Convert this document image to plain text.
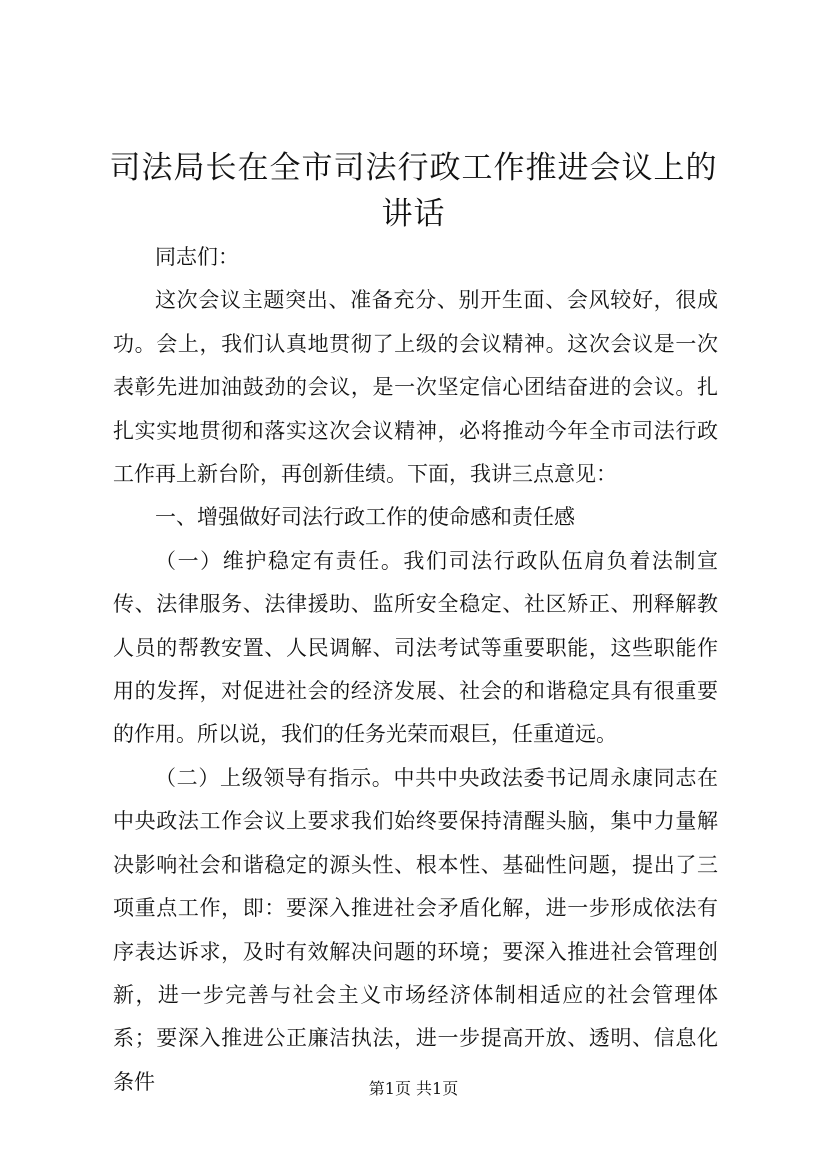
司法局长在全市司法行政工作推进会议上的讲话

同志们：

这次会议主题突出、准备充分、别开生面、会风较好，很成功。会上，我们认真地贯彻了上级的会议精神。这次会议是一次表彰先进加油鼓劲的会议，是一次坚定信心团结奋进的会议。扎扎实实地贯彻和落实这次会议精神，必将推动今年全市司法行政工作再上新台阶，再创新佳绩。下面，我讲三点意见：

一、增强做好司法行政工作的使命感和责任感

（一）维护稳定有责任。我们司法行政队伍肩负着法制宣传、法律服务、法律援助、监所安全稳定、社区矫正、刑释解教人员的帮教安置、人民调解、司法考试等重要职能，这些职能作用的发挥，对促进社会的经济发展、社会的和谐稳定具有很重要的作用。所以说，我们的任务光荣而艰巨，任重道远。

（二）上级领导有指示。中共中央政法委书记周永康同志在中央政法工作会议上要求我们始终要保持清醒头脑，集中力量解决影响社会和谐稳定的源头性、根本性、基础性问题，提出了三项重点工作，即：要深入推进社会矛盾化解，进一步形成依法有序表达诉求，及时有效解决问题的环境；要深入推进社会管理创新，进一步完善与社会主义市场经济体制相适应的社会管理体系；要深入推进公正廉洁执法，进一步提高开放、透明、信息化条件	第1页 共1页
